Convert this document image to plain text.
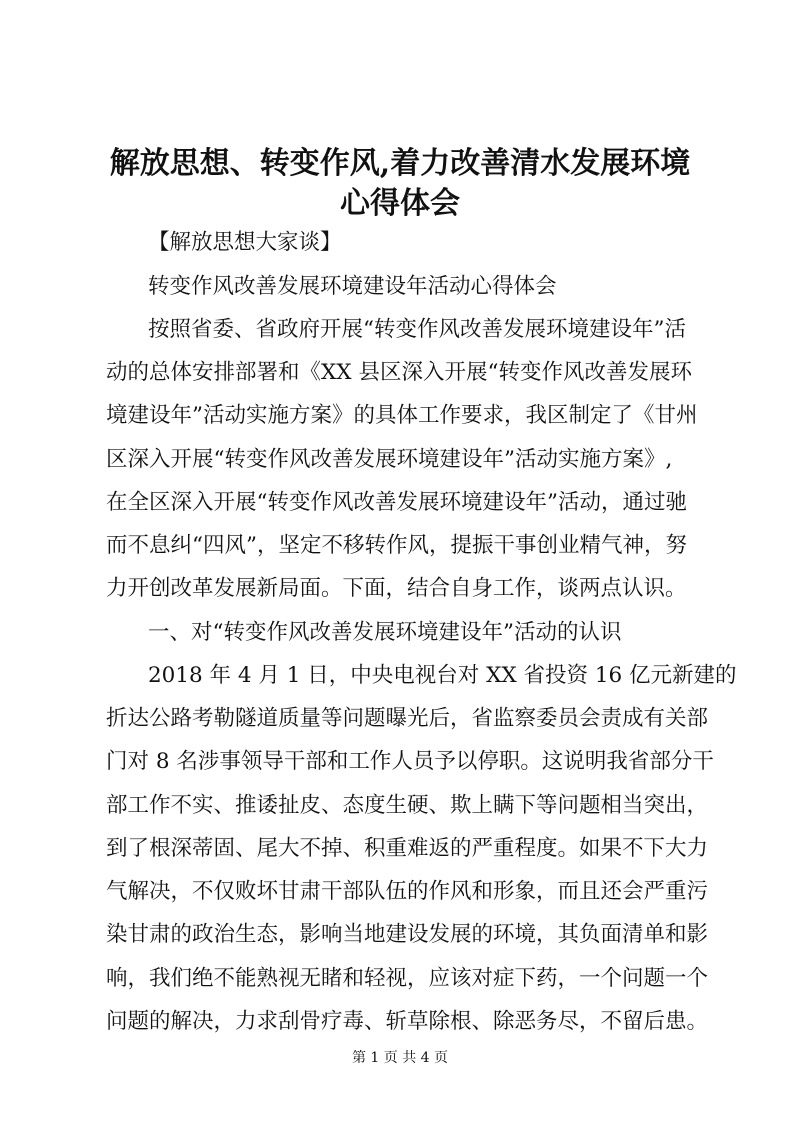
解放思想、转变作风,着力改善清水发展环境
心得体会

【解放思想大家谈】

转变作风改善发展环境建设年活动心得体会

按照省委、省政府开展“转变作风改善发展环境建设年”活

动的总体安排部署和《XX 县区深入开展“转变作风改善发展环

境建设年”活动实施方案》的具体工作要求，我区制定了《甘州

区深入开展“转变作风改善发展环境建设年”活动实施方案》,

在全区深入开展“转变作风改善发展环境建设年”活动，通过驰

而不息纠“四风”，坚定不移转作风，提振干事创业精气神，努

力开创改革发展新局面。下面，结合自身工作，谈两点认识。

一、对“转变作风改善发展环境建设年”活动的认识

2018 年 4 月 1 日，中央电视台对 XX 省投资 16 亿元新建的

折达公路考勒隧道质量等问题曝光后，省监察委员会责成有关部

门对 8 名涉事领导干部和工作人员予以停职。这说明我省部分干

部工作不实、推诿扯皮、态度生硬、欺上瞒下等问题相当突出，

到了根深蒂固、尾大不掉、积重难返的严重程度。如果不下大力

气解决，不仅败坏甘肃干部队伍的作风和形象，而且还会严重污

染甘肃的政治生态，影响当地建设发展的环境，其负面清单和影

响，我们绝不能熟视无睹和轻视，应该对症下药，一个问题一个

问题的解决，力求刮骨疗毒、斩草除根、除恶务尽，不留后患。

第 1 页 共 4 页
